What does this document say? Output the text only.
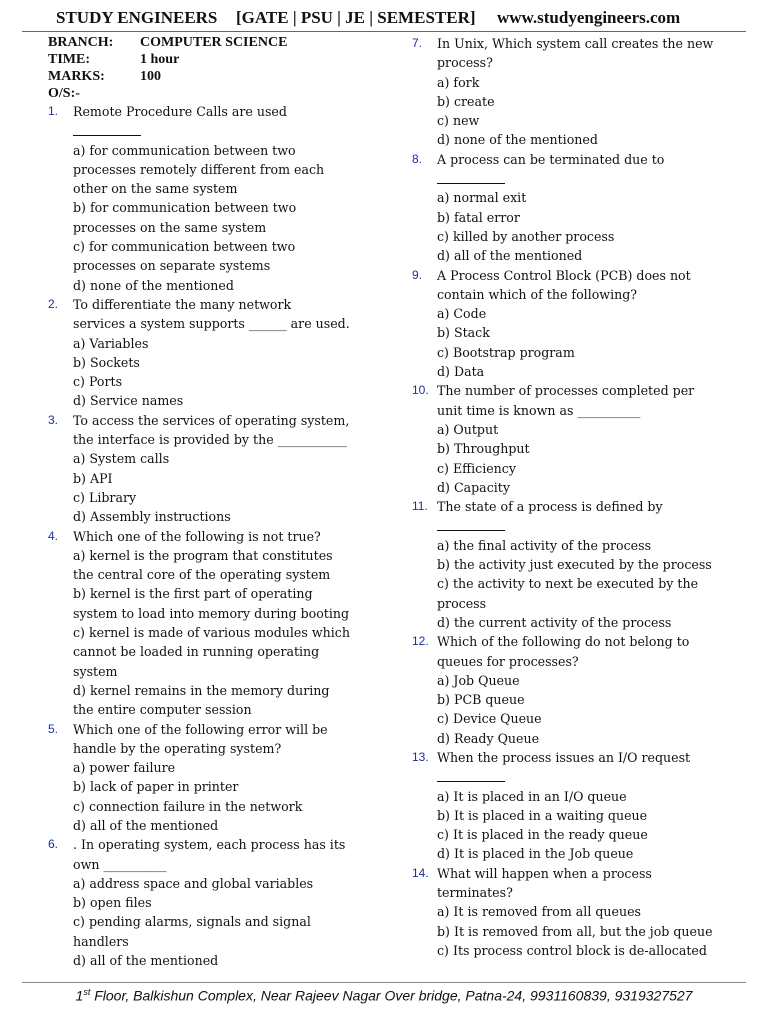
STUDY ENGINEERS [GATE | PSU | JE | SEMESTER] www.studyengineers.com
BRANCH:	COMPUTER SCIENCE
TIME:	1 hour
MARKS:	100
O/S:-
1. Remote Procedure Calls are used
a) for communication between two
processes remotely different from each
other on the same system
b) for communication between two
processes on the same system
c) for communication between two
processes on separate systems
d) none of the mentioned
2. To differentiate the many network
services a system supports ______ are used.
a) Variables
b) Sockets
c) Ports
d) Service names
3. To access the services of operating system,
the interface is provided by the ___________
a) System calls
b) API
c) Library
d) Assembly instructions
4. Which one of the following is not true?
a) kernel is the program that constitutes
the central core of the operating system
b) kernel is the first part of operating
system to load into memory during booting
c) kernel is made of various modules which
cannot be loaded in running operating
system
d) kernel remains in the memory during
the entire computer session
5. Which one of the following error will be
handle by the operating system?
a) power failure
b) lack of paper in printer
c) connection failure in the network
d) all of the mentioned
6. . In operating system, each process has its
own __________
a) address space and global variables
b) open files
c) pending alarms, signals and signal
handlers
d) all of the mentioned
7. In Unix, Which system call creates the new
process?
a) fork
b) create
c) new
d) none of the mentioned
8. A process can be terminated due to
a) normal exit
b) fatal error
c) killed by another process
d) all of the mentioned
9. A Process Control Block (PCB) does not
contain which of the following?
a) Code
b) Stack
c) Bootstrap program
d) Data
10. The number of processes completed per
unit time is known as __________
a) Output
b) Throughput
c) Efficiency
d) Capacity
11. The state of a process is defined by
a) the final activity of the process
b) the activity just executed by the process
c) the activity to next be executed by the
process
d) the current activity of the process
12. Which of the following do not belong to
queues for processes?
a) Job Queue
b) PCB queue
c) Device Queue
d) Ready Queue
13. When the process issues an I/O request
a) It is placed in an I/O queue
b) It is placed in a waiting queue
c) It is placed in the ready queue
d) It is placed in the Job queue
14. What will happen when a process
terminates?
a) It is removed from all queues
b) It is removed from all, but the job queue
c) Its process control block is de-allocated
1st Floor, Balkishun Complex, Near Rajeev Nagar Over bridge, Patna-24, 9931160839, 9319327527
